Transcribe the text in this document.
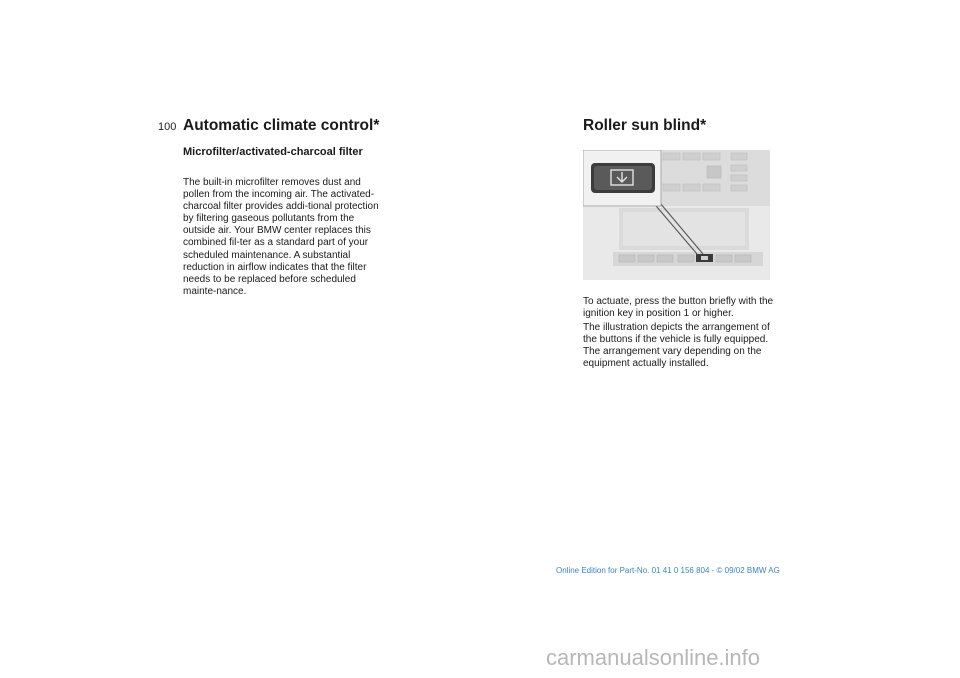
100 Automatic climate control*
Microfilter/activated-charcoal filter

The built-in microfilter removes dust and pollen from the incoming air. The activated-charcoal filter provides addi-tional protection by filtering gaseous pollutants from the outside air. Your BMW center replaces this combined fil-ter as a standard part of your scheduled maintenance. A substantial reduction in airflow indicates that the filter needs to be replaced before scheduled mainte-nance.

Roller sun blind*

To actuate, press the button briefly with the ignition key in position 1 or higher.

The illustration depicts the arrangement of the buttons if the vehicle is fully equipped. The arrangement vary depending on the equipment actually installed.

Online Edition for Part-No. 01 41 0 156 804 - © 09/02 BMW AG
carmanualsonline.info
